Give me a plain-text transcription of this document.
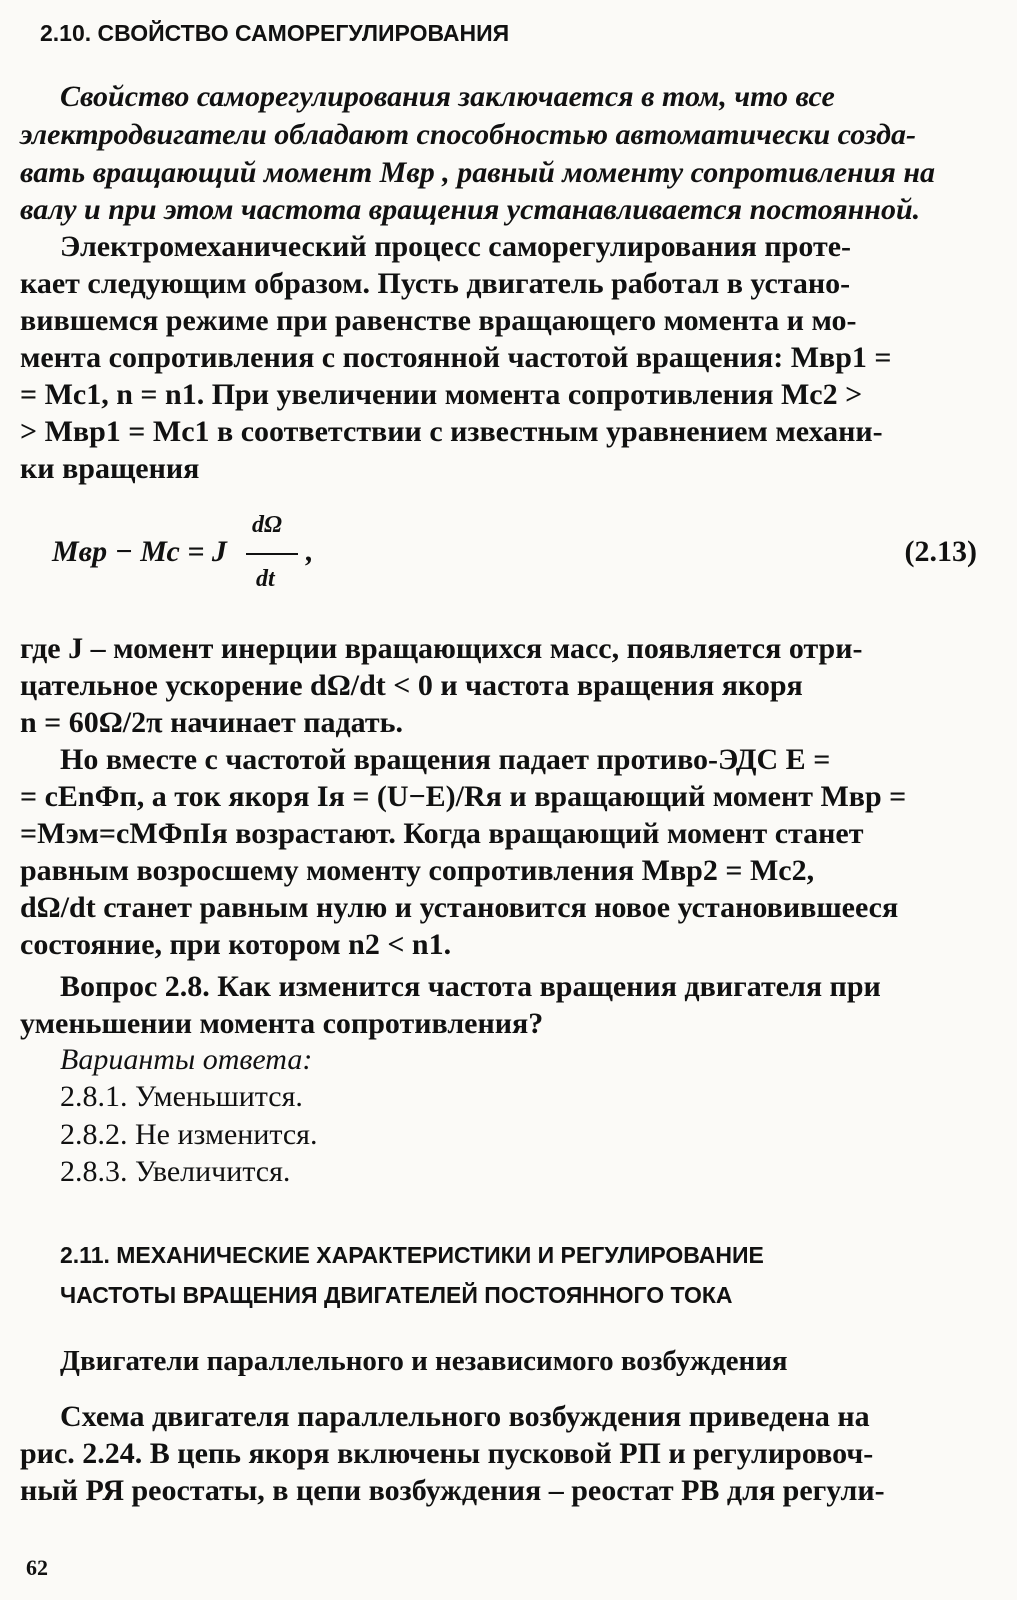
2.10. СВОЙСТВО САМОРЕГУЛИРОВАНИЯ
Свойство саморегулирования заключается в том, что все
электродвигатели обладают способностью автоматически созда-
вать вращающий момент Мвр , равный моменту сопротивления на
валу и при этом частота вращения устанавливается постоянной.
Электромеханический процесс саморегулирования проте-
кает следующим образом. Пусть двигатель работал в устано-
вившемся режиме при равенстве вращающего момента и мо-
мента сопротивления с постоянной частотой вращения: Мвр1 =
= Мс1, n = n1. При увеличении момента сопротивления Мс2 >
> Мвр1 = Мс1 в соответствии с известным уравнением механи-
ки вращения
Мвр − Мс = J
dΩ
dt
,	(2.13)
где J – момент инерции вращающихся масс, появляется отри-
цательное ускорение dΩ/dt < 0 и частота вращения якоря
n = 60Ω/2π начинает падать.
Но вместе с частотой вращения падает противо-ЭДС E =
= cEnΦп, а ток якоря Iя = (U−E)/Rя и вращающий момент Мвр =
=Мэм=cMΦпIя возрастают. Когда вращающий момент станет
равным возросшему моменту сопротивления Мвр2 = Мс2,
dΩ/dt станет равным нулю и установится новое установившееся
состояние, при котором n2 < n1.
Вопрос 2.8. Как изменится частота вращения двигателя при
уменьшении момента сопротивления?
Варианты ответа:
2.8.1. Уменьшится.
2.8.2. Не изменится.
2.8.3. Увеличится.
2.11. МЕХАНИЧЕСКИЕ ХАРАКТЕРИСТИКИ И РЕГУЛИРОВАНИЕ
ЧАСТОТЫ ВРАЩЕНИЯ ДВИГАТЕЛЕЙ ПОСТОЯННОГО ТОКА
Двигатели параллельного и независимого возбуждения
Схема двигателя параллельного возбуждения приведена на
рис. 2.24. В цепь якоря включены пусковой РП и регулировоч-
ный РЯ реостаты, в цепи возбуждения – реостат РВ для регули-
62
